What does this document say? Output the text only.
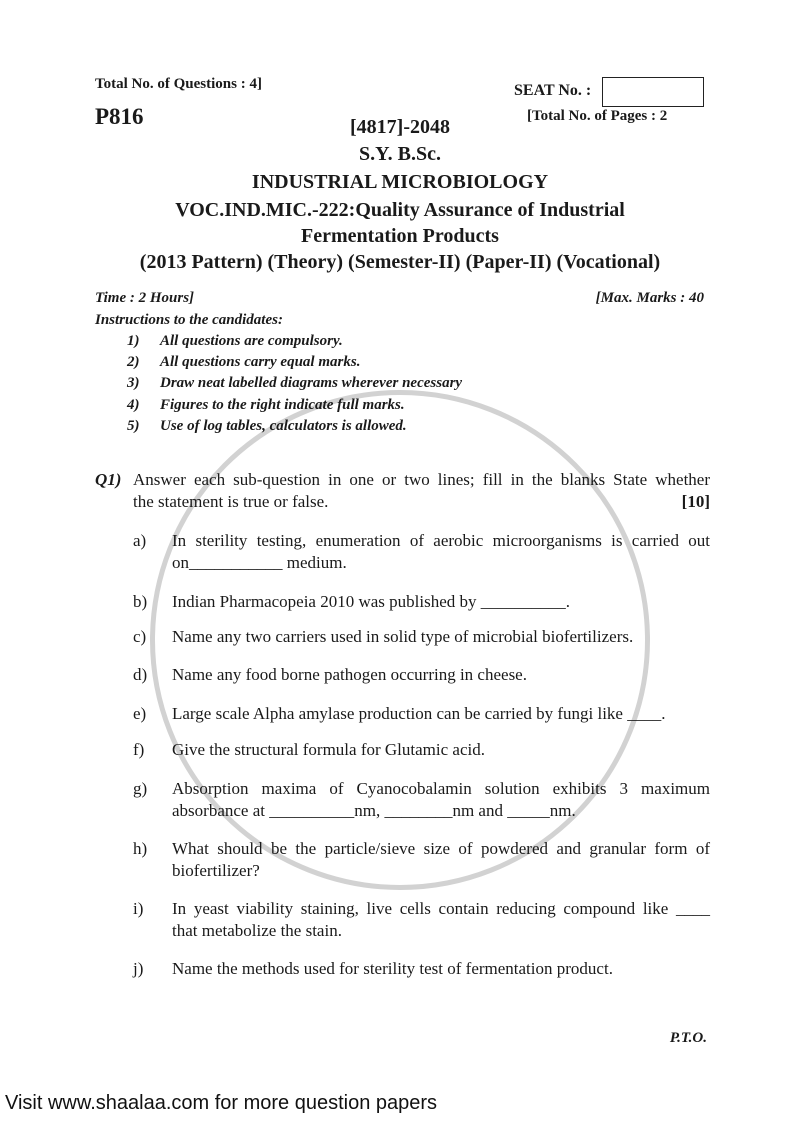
Total No. of Questions : 4]
P816
SEAT No. :
[Total No. of Pages : 2
[4817]-2048
S.Y. B.Sc.
INDUSTRIAL MICROBIOLOGY
VOC.IND.MIC.-222:Quality Assurance of Industrial
Fermentation Products
(2013 Pattern) (Theory) (Semester-II) (Paper-II) (Vocational)
Time : 2 Hours]	[Max. Marks : 40
Instructions to the candidates:
1) All questions are compulsory.
2) All questions carry equal marks.
3) Draw neat labelled diagrams wherever necessary
4) Figures to the right indicate full marks.
5) Use of log tables, calculators is allowed.
Q1) Answer each sub-question in one or two lines; fill in the blanks State whether
the statement is true or false.	[10]
a)	In sterility testing, enumeration of aerobic microorganisms is carried out
on___________ medium.
b)	Indian Pharmacopeia 2010 was published by __________.
c)	Name any two carriers used in solid type of microbial biofertilizers.
d)	Name any food borne pathogen occurring in cheese.
e)	Large scale Alpha amylase production can be carried by fungi like ____.
f)	Give the structural formula for Glutamic acid.
g)	Absorption maxima of Cyanocobalamin solution exhibits 3 maximum
absorbance at __________nm, ________nm and _____nm.
h)	What should be the particle/sieve size of powdered and granular form of
biofertilizer?
i)	In yeast viability staining, live cells contain reducing compound like ____
that metabolize the stain.
j)	Name the methods used for sterility test of fermentation product.
P.T.O.
Visit www.shaalaa.com for more question papers
